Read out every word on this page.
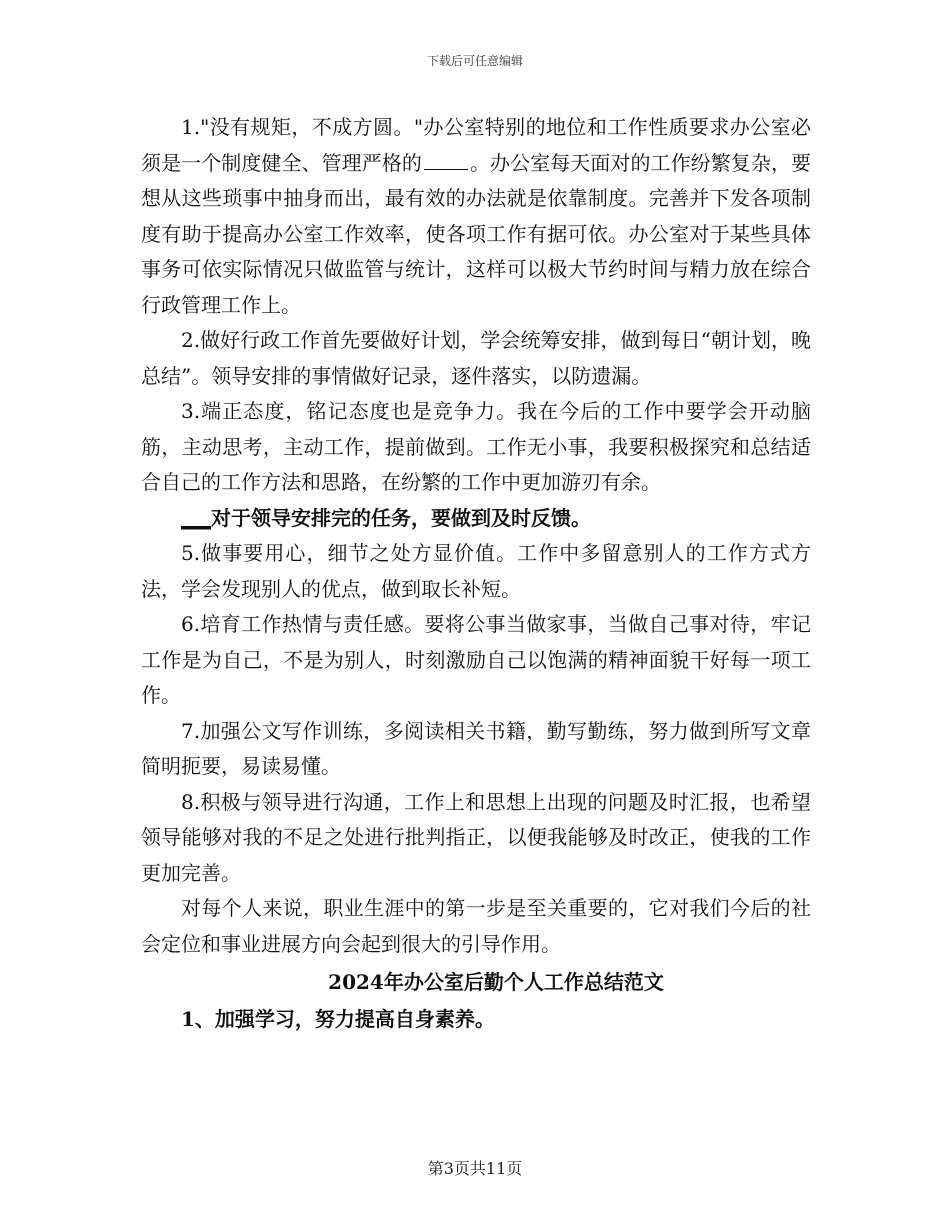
下载后可任意编辑

1."没有规矩，不成方圆。"办公室特别的地位和工作性质要求办公室必须是一个制度健全、管理严格的 。办公室每天面对的工作纷繁复杂，要想从这些琐事中抽身而出，最有效的办法就是依靠制度。完善并下发各项制度有助于提高办公室工作效率，使各项工作有据可依。办公室对于某些具体事务可依实际情况只做监管与统计，这样可以极大节约时间与精力放在综合行政管理工作上。

2.做好行政工作首先要做好计划，学会统筹安排，做到每日“朝计划，晚总结”。领导安排的事情做好记录，逐件落实，以防遗漏。

3.端正态度，铭记态度也是竞争力。我在今后的工作中要学会开动脑筋，主动思考，主动工作，提前做到。工作无小事，我要积极探究和总结适合自己的工作方法和思路，在纷繁的工作中更加游刃有余。

___对于领导安排完的任务，要做到及时反馈。

5.做事要用心，细节之处方显价值。工作中多留意别人的工作方式方法，学会发现别人的优点，做到取长补短。

6.培育工作热情与责任感。要将公事当做家事，当做自己事对待，牢记工作是为自己，不是为别人，时刻激励自己以饱满的精神面貌干好每一项工作。

7.加强公文写作训练，多阅读相关书籍，勤写勤练，努力做到所写文章简明扼要，易读易懂。

8.积极与领导进行沟通，工作上和思想上出现的问题及时汇报，也希望领导能够对我的不足之处进行批判指正，以便我能够及时改正，使我的工作更加完善。

对每个人来说，职业生涯中的第一步是至关重要的，它对我们今后的社会定位和事业进展方向会起到很大的引导作用。

2024年办公室后勤个人工作总结范文

1、加强学习，努力提高自身素养。

第3页共11页
